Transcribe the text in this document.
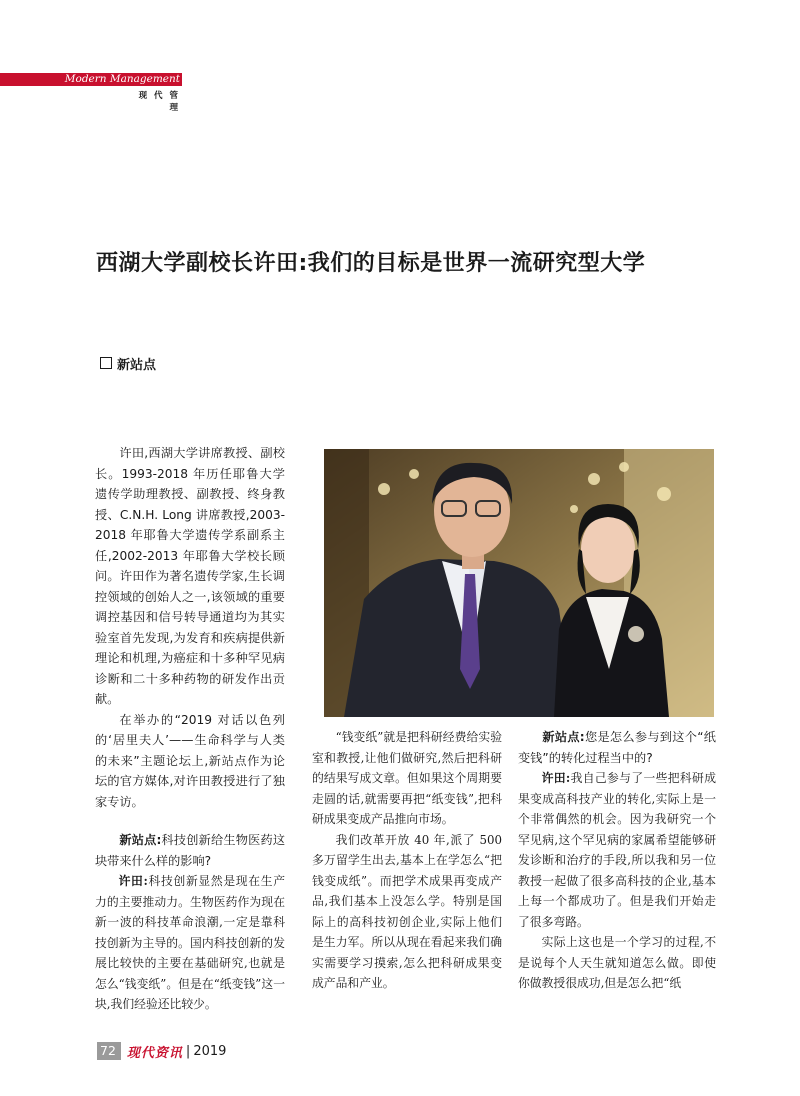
Modern Management
现 代 管 理
西湖大学副校长许田:我们的目标是世界一流研究型大学
新站点

许田,西湖大学讲席教授、副校长。1993-2018 年历任耶鲁大学遗传学助理教授、副教授、终身教授、C.N.H. Long 讲席教授,2003-2018 年耶鲁大学遗传学系副系主任,2002-2013 年耶鲁大学校长顾问。许田作为著名遗传学家,生长调控领域的创始人之一,该领域的重要调控基因和信号转导通道均为其实验室首先发现,为发育和疾病提供新理论和机理,为癌症和十多种罕见病诊断和二十多种药物的研发作出贡献。

在举办的“2019 对话以色列的‘居里夫人’——生命科学与人类的未来”主题论坛上,新站点作为论坛的官方媒体,对许田教授进行了独家专访。

新站点:科技创新给生物医药这块带来什么样的影响?

许田:科技创新显然是现在生产力的主要推动力。生物医药作为现在新一波的科技革命浪潮,一定是靠科技创新为主导的。国内科技创新的发展比较快的主要在基础研究,也就是怎么“钱变纸”。但是在“纸变钱”这一块,我们经验还比较少。

“钱变纸”就是把科研经费给实验室和教授,让他们做研究,然后把科研的结果写成文章。但如果这个周期要走圆的话,就需要再把“纸变钱”,把科研成果变成产品推向市场。

我们改革开放 40 年,派了 500 多万留学生出去,基本上在学怎么“把钱变成纸”。而把学术成果再变成产品,我们基本上没怎么学。特别是国际上的高科技初创企业,实际上他们是生力军。所以从现在看起来我们确实需要学习摸索,怎么把科研成果变成产品和产业。

新站点:您是怎么参与到这个“纸变钱”的转化过程当中的?

许田:我自己参与了一些把科研成果变成高科技产业的转化,实际上是一个非常偶然的机会。因为我研究一个罕见病,这个罕见病的家属希望能够研发诊断和治疗的手段,所以我和另一位教授一起做了很多高科技的企业,基本上每一个都成功了。但是我们开始走了很多弯路。

实际上这也是一个学习的过程,不是说每个人天生就知道怎么做。即使你做教授很成功,但是怎么把“纸

72 现代资讯 | 2019
